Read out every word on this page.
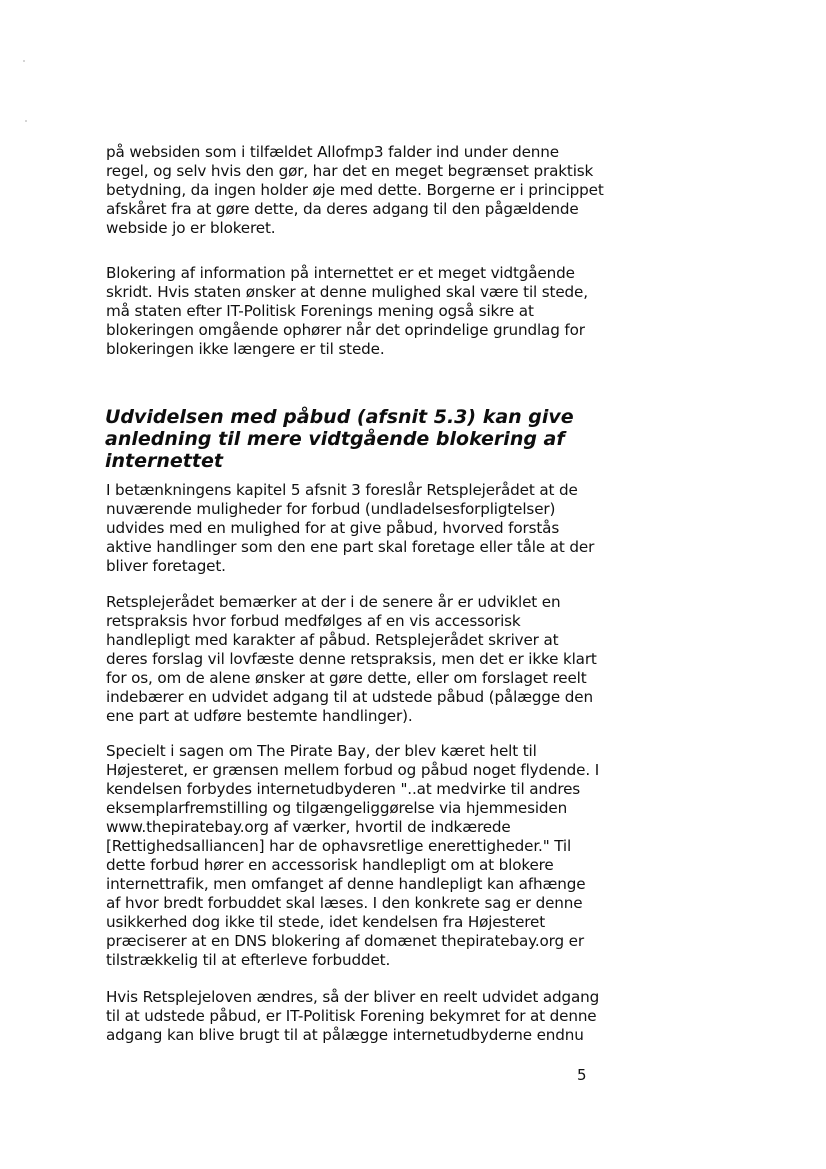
på websiden som i tilfældet Allofmp3 falder ind under denne
regel, og selv hvis den gør, har det en meget begrænset praktisk
betydning, da ingen holder øje med dette. Borgerne er i princippet
afskåret fra at gøre dette, da deres adgang til den pågældende
webside jo er blokeret.
Blokering af information på internettet er et meget vidtgående
skridt. Hvis staten ønsker at denne mulighed skal være til stede,
må staten efter IT-Politisk Forenings mening også sikre at
blokeringen omgående ophører når det oprindelige grundlag for
blokeringen ikke længere er til stede.
Udvidelsen med påbud (afsnit 5.3) kan give
anledning til mere vidtgående blokering af
internettet
I betænkningens kapitel 5 afsnit 3 foreslår Retsplejerådet at de
nuværende muligheder for forbud (undladelsesforpligtelser)
udvides med en mulighed for at give påbud, hvorved forstås
aktive handlinger som den ene part skal foretage eller tåle at der
bliver foretaget.
Retsplejerådet bemærker at der i de senere år er udviklet en
retspraksis hvor forbud medfølges af en vis accessorisk
handlepligt med karakter af påbud. Retsplejerådet skriver at
deres forslag vil lovfæste denne retspraksis, men det er ikke klart
for os, om de alene ønsker at gøre dette, eller om forslaget reelt
indebærer en udvidet adgang til at udstede påbud (pålægge den
ene part at udføre bestemte handlinger).
Specielt i sagen om The Pirate Bay, der blev kæret helt til
Højesteret, er grænsen mellem forbud og påbud noget flydende. I
kendelsen forbydes internetudbyderen "..at medvirke til andres
eksemplarfremstilling og tilgængeliggørelse via hjemmesiden
www.thepiratebay.org af værker, hvortil de indkærede
[Rettighedsalliancen] har de ophavsretlige enerettigheder." Til
dette forbud hører en accessorisk handlepligt om at blokere
internettrafik, men omfanget af denne handlepligt kan afhænge
af hvor bredt forbuddet skal læses. I den konkrete sag er denne
usikkerhed dog ikke til stede, idet kendelsen fra Højesteret
præciserer at en DNS blokering af domænet thepiratebay.org er
tilstrækkelig til at efterleve forbuddet.
Hvis Retsplejeloven ændres, så der bliver en reelt udvidet adgang
til at udstede påbud, er IT-Politisk Forening bekymret for at denne
adgang kan blive brugt til at pålægge internetudbyderne endnu
5
